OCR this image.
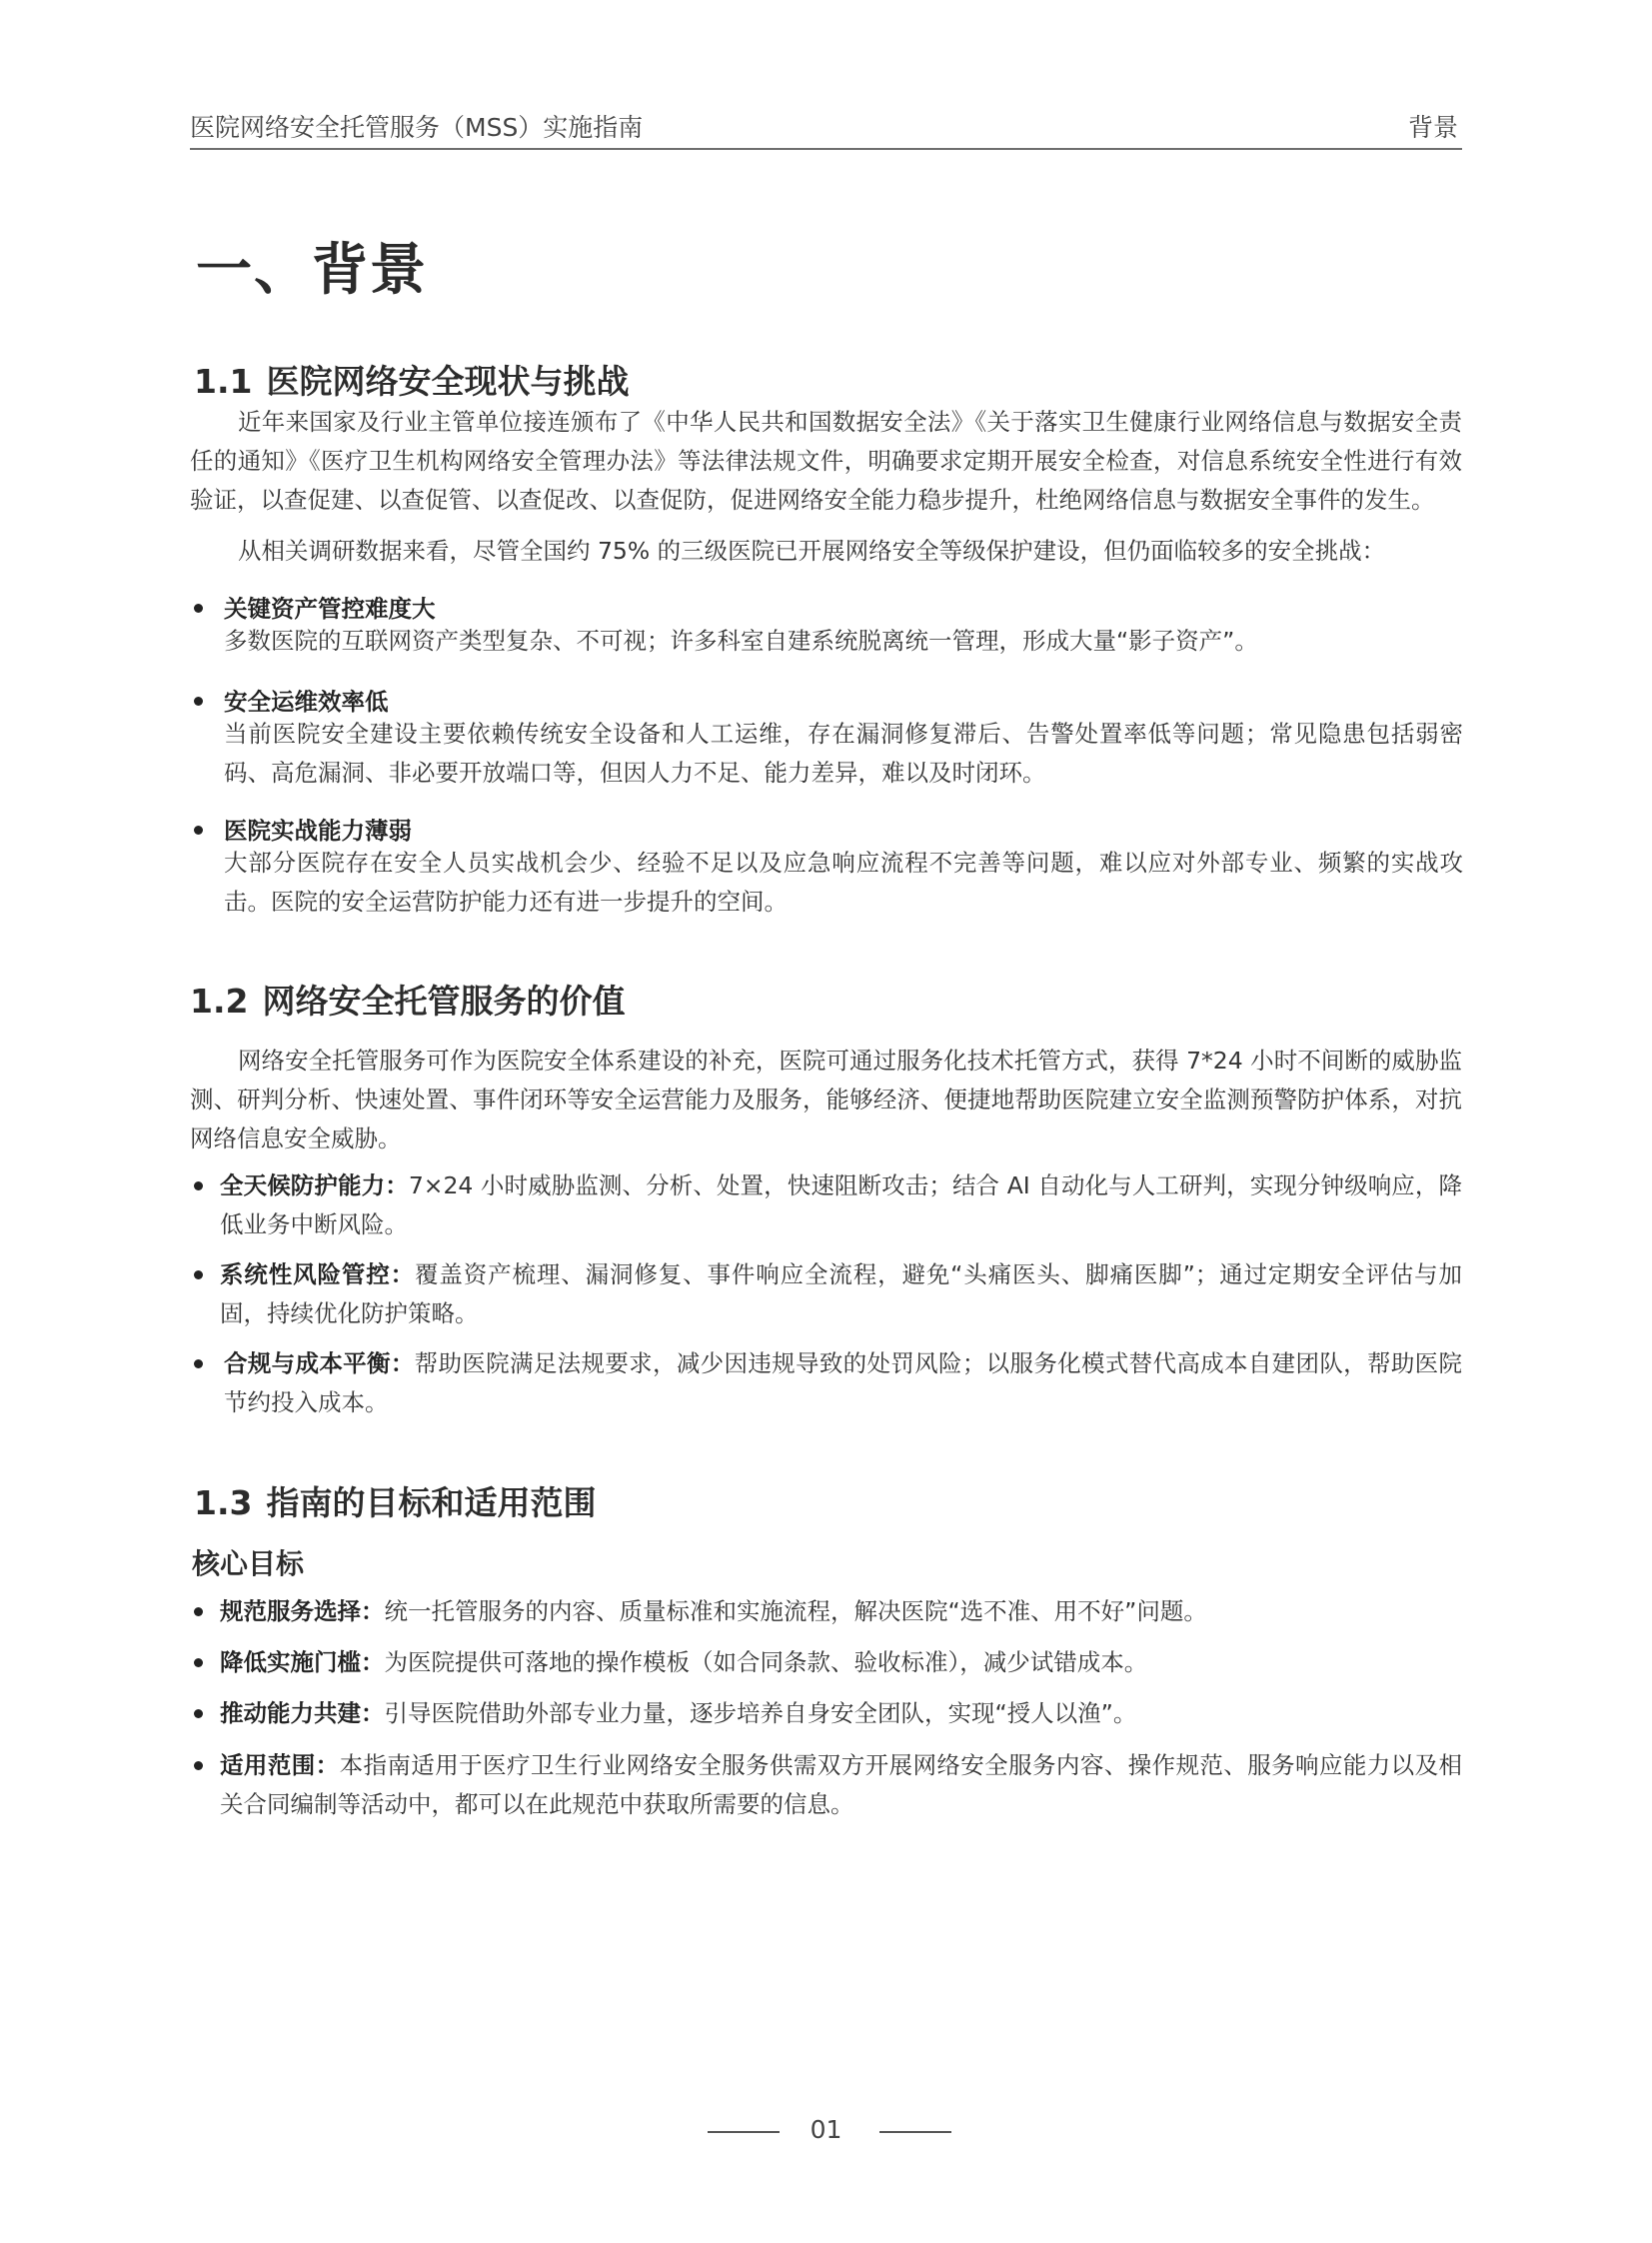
医院网络安全托管服务（MSS）实施指南	背景
一、背景
1.1 医院网络安全现状与挑战

近年来国家及行业主管单位接连颁布了《中华人民共和国数据安全法》《关于落实卫生健康行业网络信息与数据安全责任的通知》《医疗卫生机构网络安全管理办法》等法律法规文件，明确要求定期开展安全检查，对信息系统安全性进行有效验证，以查促建、以查促管、以查促改、以查促防，促进网络安全能力稳步提升，杜绝网络信息与数据安全事件的发生。

从相关调研数据来看，尽管全国约 75% 的三级医院已开展网络安全等级保护建设，但仍面临较多的安全挑战：

关键资产管控难度大
多数医院的互联网资产类型复杂、不可视；许多科室自建系统脱离统一管理，形成大量“影子资产”。
安全运维效率低
当前医院安全建设主要依赖传统安全设备和人工运维，存在漏洞修复滞后、告警处置率低等问题；常见隐患包括弱密码、高危漏洞、非必要开放端口等，但因人力不足、能力差异，难以及时闭环。
医院实战能力薄弱
大部分医院存在安全人员实战机会少、经验不足以及应急响应流程不完善等问题，难以应对外部专业、频繁的实战攻击。医院的安全运营防护能力还有进一步提升的空间。
1.2 网络安全托管服务的价值

网络安全托管服务可作为医院安全体系建设的补充，医院可通过服务化技术托管方式，获得 7*24 小时不间断的威胁监测、研判分析、快速处置、事件闭环等安全运营能力及服务，能够经济、便捷地帮助医院建立安全监测预警防护体系，对抗网络信息安全威胁。

全天候防护能力：7×24 小时威胁监测、分析、处置，快速阻断攻击；结合 AI 自动化与人工研判，实现分钟级响应，降低业务中断风险。
系统性风险管控：覆盖资产梳理、漏洞修复、事件响应全流程，避免“头痛医头、脚痛医脚”；通过定期安全评估与加固，持续优化防护策略。
合规与成本平衡：帮助医院满足法规要求，减少因违规导致的处罚风险；以服务化模式替代高成本自建团队，帮助医院节约投入成本。
1.3 指南的目标和适用范围
核心目标
规范服务选择：统一托管服务的内容、质量标准和实施流程，解决医院“选不准、用不好”问题。
降低实施门槛：为医院提供可落地的操作模板（如合同条款、验收标准），减少试错成本。
推动能力共建：引导医院借助外部专业力量，逐步培养自身安全团队，实现“授人以渔”。
适用范围：本指南适用于医疗卫生行业网络安全服务供需双方开展网络安全服务内容、操作规范、服务响应能力以及相关合同编制等活动中，都可以在此规范中获取所需要的信息。
01
